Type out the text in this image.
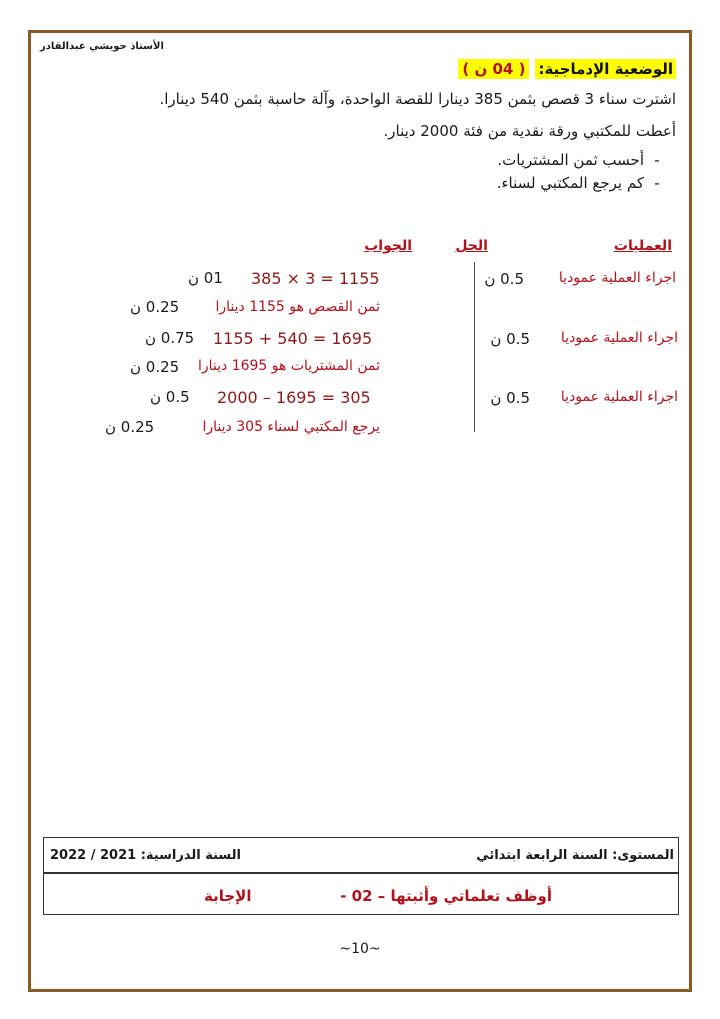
الأستاذ حويشي عبدالقادر
الوضعية الإدماجية:( 04 ن )
اشترت سناء 3 قصص بثمن 385 دينارا للقصة الواحدة، وآلة حاسبة بثمن 540 دينارا.
أعطت للمكتبي ورقة نقدية من فئة 2000 دينار.
-أحسب ثمن المشتريات.
-كم يرجع المكتبي لسناء.
العمليات
الحل
الجواب
اجراء العملية عموديا
0.5 ن
385 × 3 = 1155
01 ن
ثمن القصص هو 1155 دينارا
0.25 ن
اجراء العملية عموديا
0.5 ن
1155 + 540 = 1695
0.75 ن
ثمن المشتريات هو 1695 دينارا
0.25 ن
اجراء العملية عموديا
0.5 ن
2000 – 1695 = 305
0.5 ن
يرجع المكتبي لسناء 305 دينارا
0.25 ن
المستوى: السنة الرابعة ابتدائي
السنة الدراسية: 2021 / 2022
أوظف تعلماتي وأثبتها – 02 -
الإجابة
~10~
